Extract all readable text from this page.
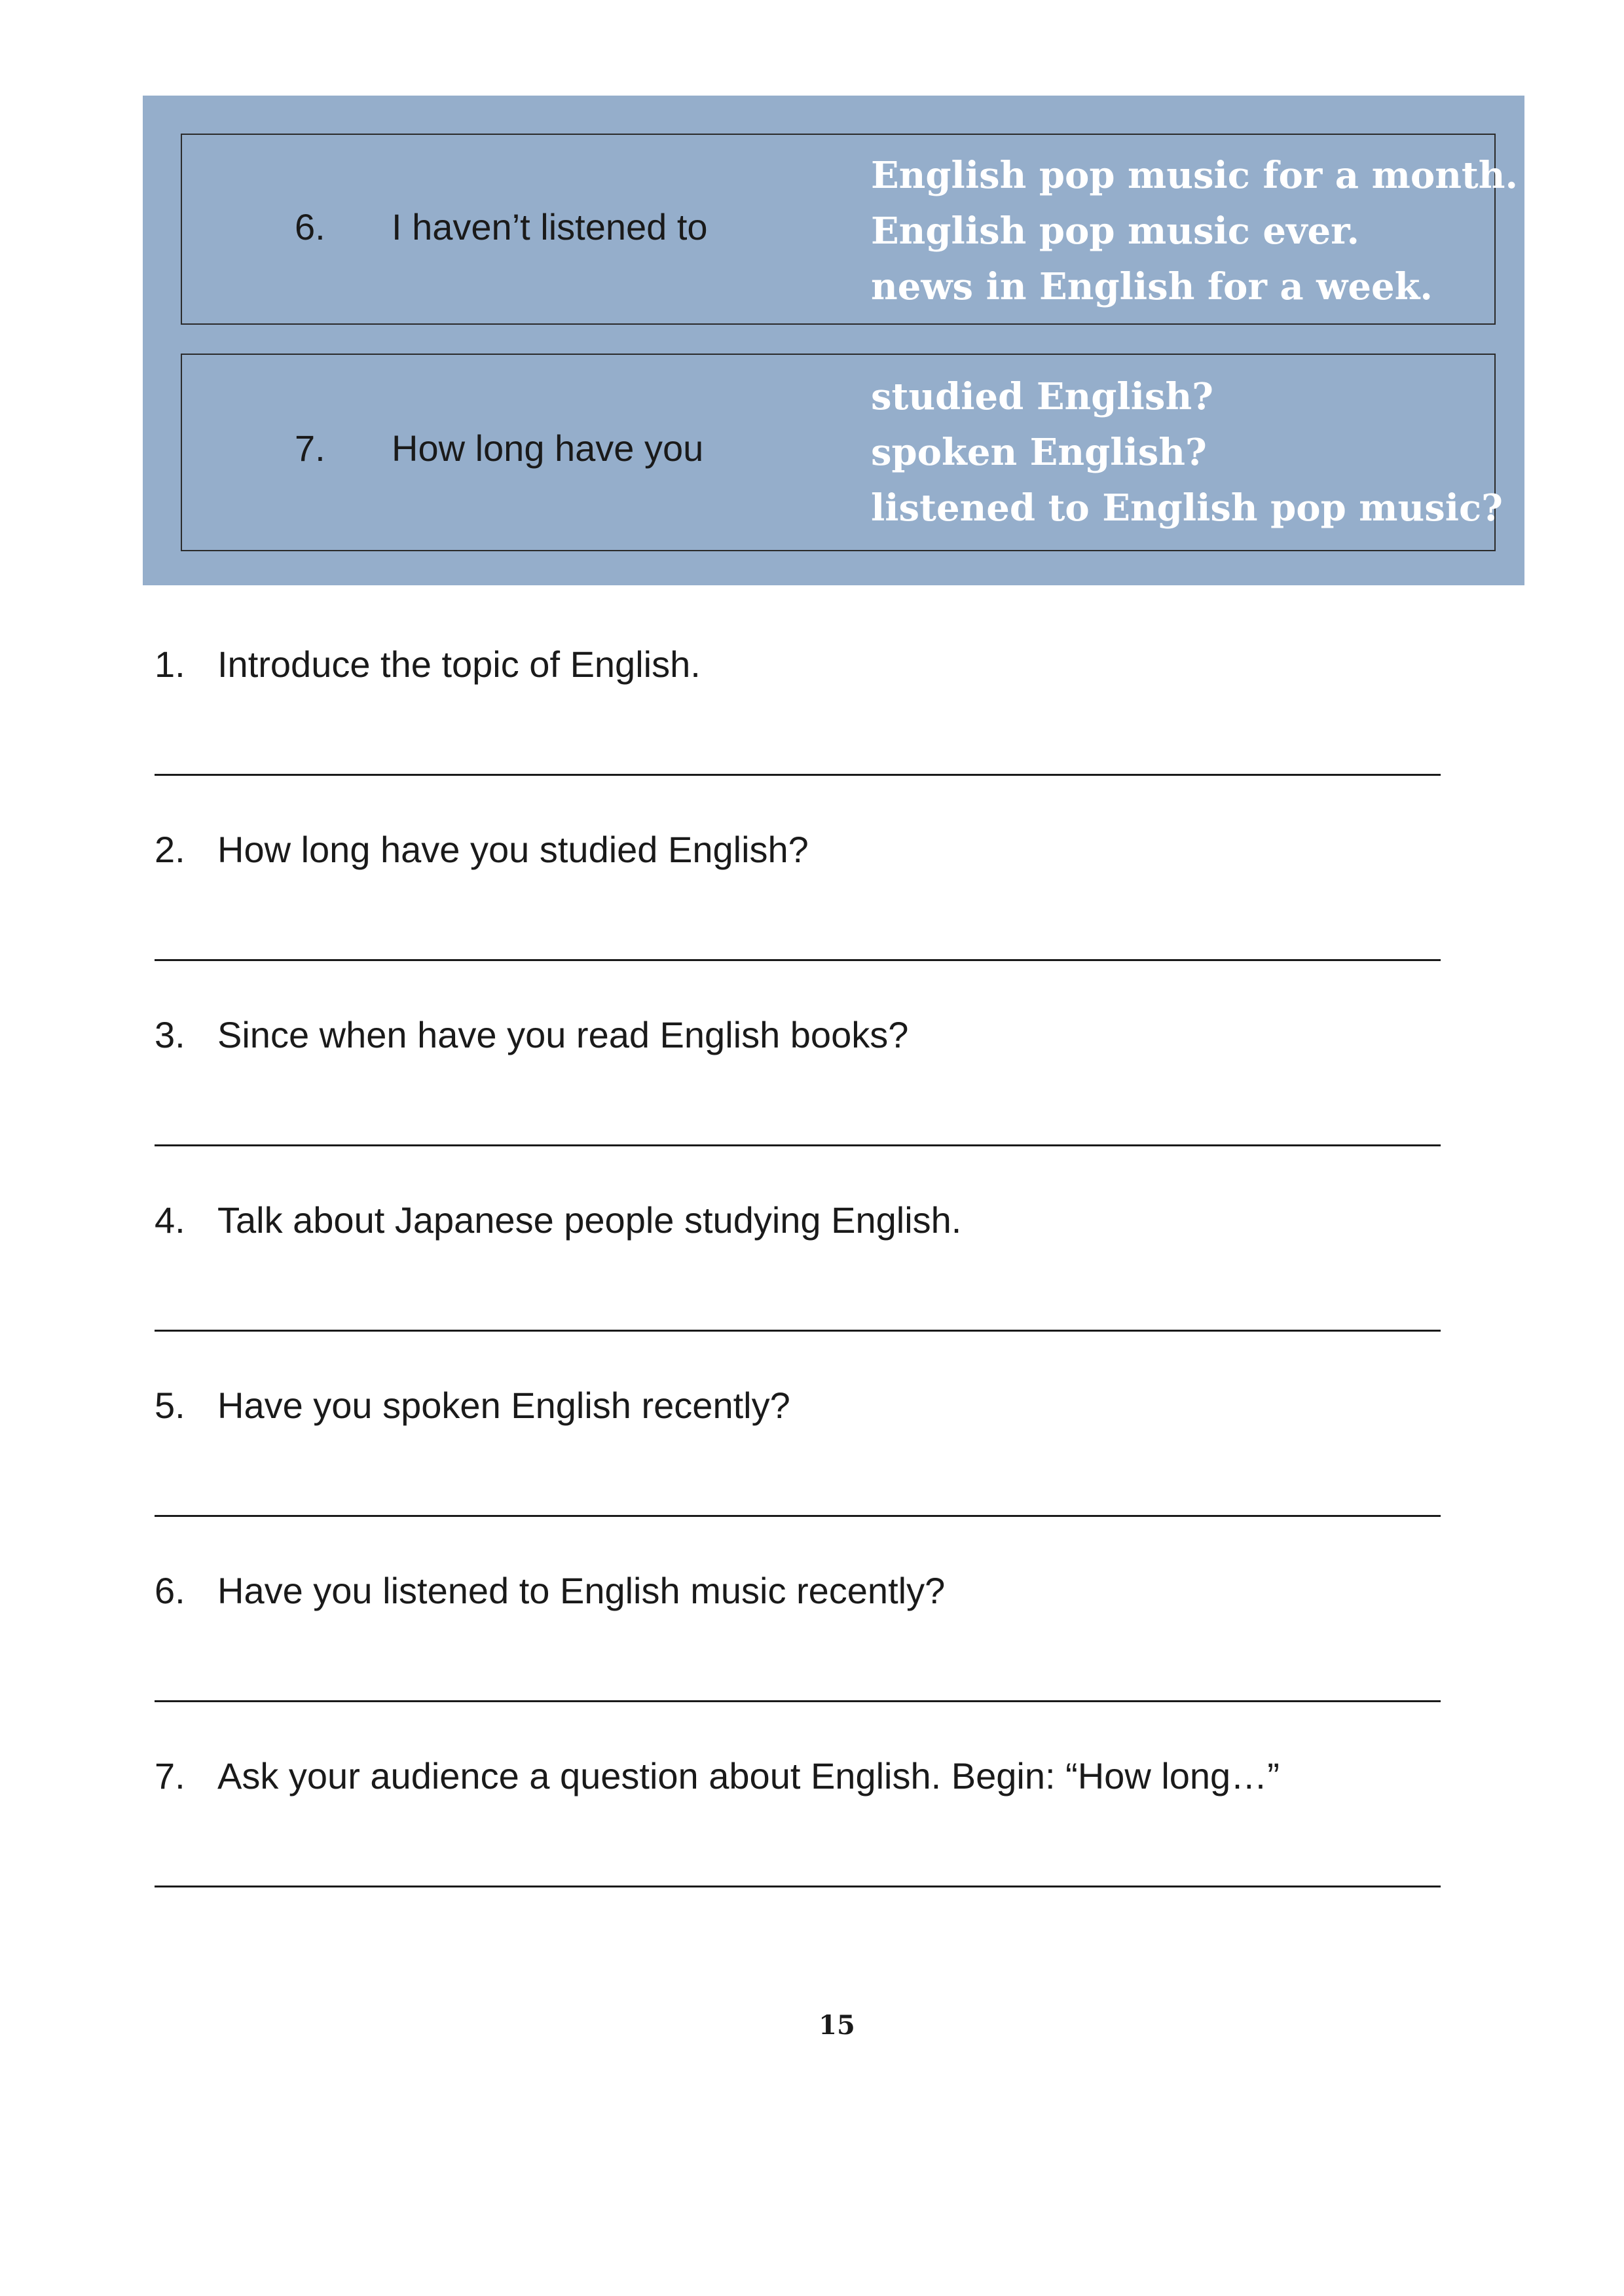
6. I haven’t listened to
English pop music for a month.
English pop music ever.
news in English for a week.
7. How long have you
studied English?
spoken English?
listened to English pop music?
1. Introduce the topic of English.
2. How long have you studied English?
3. Since when have you read English books?
4. Talk about Japanese people studying English.
5. Have you spoken English recently?
6. Have you listened to English music recently?
7. Ask your audience a question about English. Begin: “How long…”
15
